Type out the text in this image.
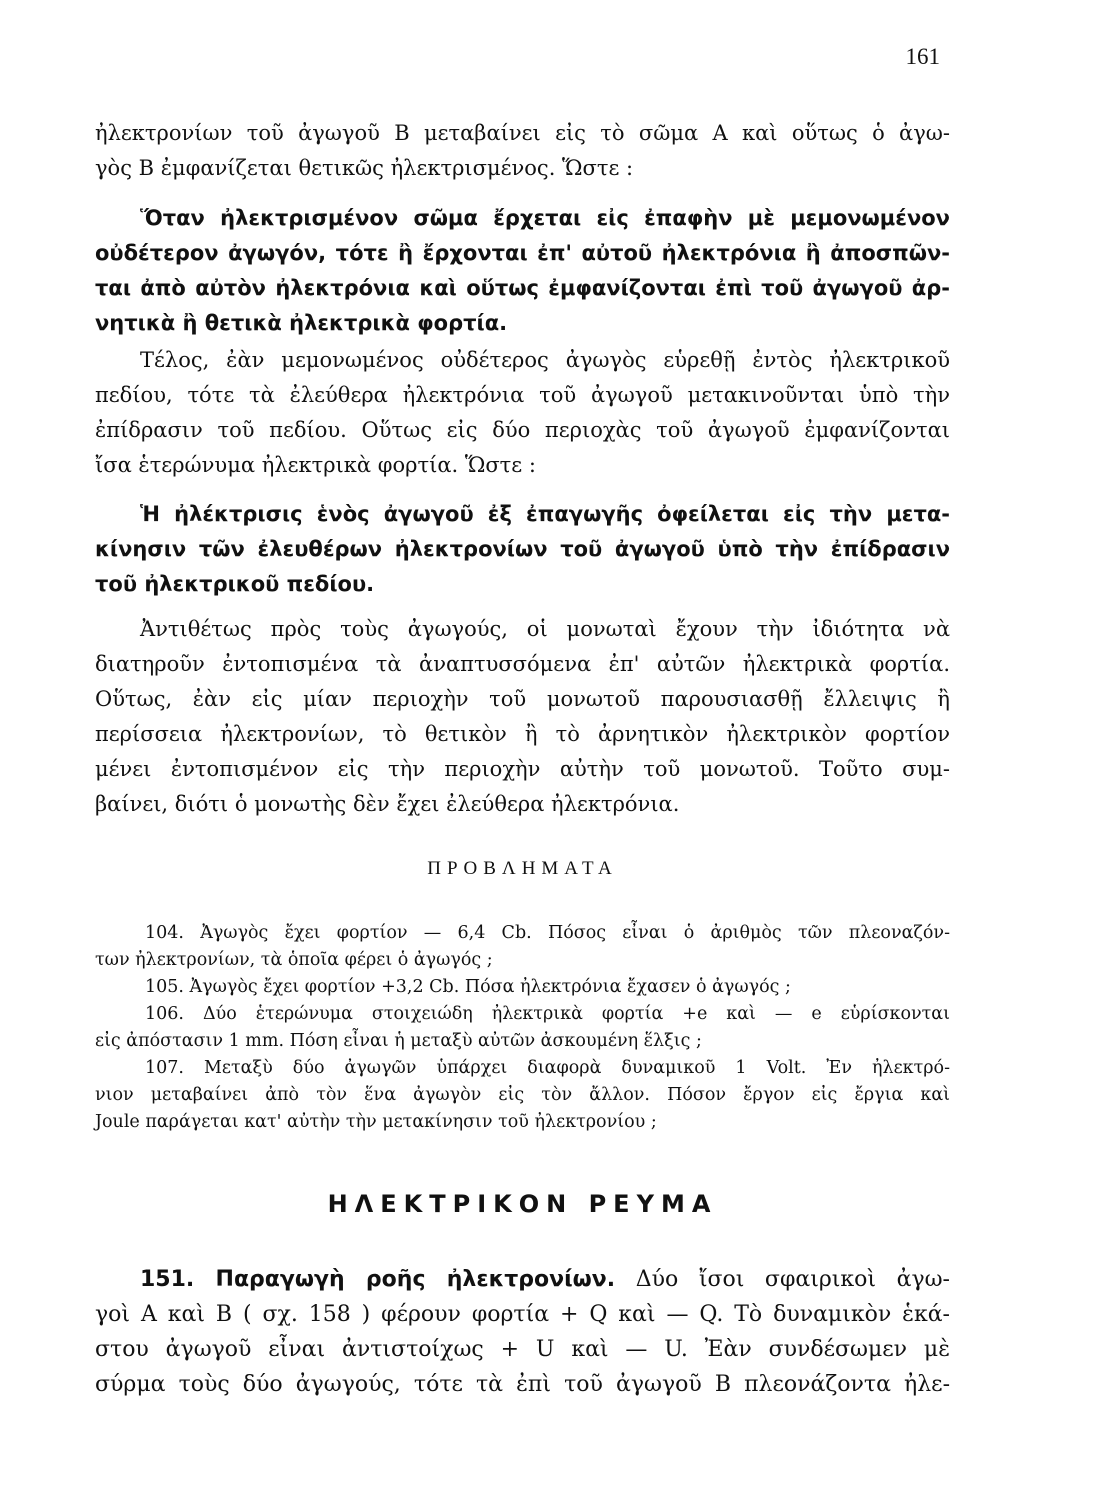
161
ἠλεκτρονίων τοῦ ἀγωγοῦ Β μεταβαίνει εἰς τὸ σῶμα Α καὶ οὕτως ὁ ἀγω-
γὸς Β ἐμφανίζεται θετικῶς ἠλεκτρισμένος. Ὥστε :
Ὅταν ἠλεκτρισμένον σῶμα ἔρχεται εἰς ἐπαφὴν μὲ μεμονωμένον
οὐδέτερον ἀγωγόν, τότε ἢ ἔρχονται ἐπ' αὐτοῦ ἠλεκτρόνια ἢ ἀποσπῶν-
ται ἀπὸ αὐτὸν ἠλεκτρόνια καὶ οὕτως ἐμφανίζονται ἐπὶ τοῦ ἀγωγοῦ ἀρ-
νητικὰ ἢ θετικὰ ἠλεκτρικὰ φορτία.
Τέλος, ἐὰν μεμονωμένος οὐδέτερος ἀγωγὸς εὑρεθῇ ἐντὸς ἠλεκτρικοῦ
πεδίου, τότε τὰ ἐλεύθερα ἠλεκτρόνια τοῦ ἀγωγοῦ μετακινοῦνται ὑπὸ τὴν
ἐπίδρασιν τοῦ πεδίου. Οὕτως εἰς δύο περιοχὰς τοῦ ἀγωγοῦ ἐμφανίζονται
ἴσα ἑτερώνυμα ἠλεκτρικὰ φορτία. Ὥστε :
Ἡ ἠλέκτρισις ἑνὸς ἀγωγοῦ ἐξ ἐπαγωγῆς ὀφείλεται εἰς τὴν μετα-
κίνησιν τῶν ἐλευθέρων ἠλεκτρονίων τοῦ ἀγωγοῦ ὑπὸ τὴν ἐπίδρασιν
τοῦ ἠλεκτρικοῦ πεδίου.
Ἀντιθέτως πρὸς τοὺς ἀγωγούς, οἱ μονωταὶ ἔχουν τὴν ἰδιότητα νὰ
διατηροῦν ἐντοπισμένα τὰ ἀναπτυσσόμενα ἐπ' αὐτῶν ἠλεκτρικὰ φορτία.
Οὕτως, ἐὰν εἰς μίαν περιοχὴν τοῦ μονωτοῦ παρουσιασθῇ ἔλλειψις ἢ
περίσσεια ἠλεκτρονίων, τὸ θετικὸν ἢ τὸ ἀρνητικὸν ἠλεκτρικὸν φορτίον
μένει ἐντοπισμένον εἰς τὴν περιοχὴν αὐτὴν τοῦ μονωτοῦ. Τοῦτο συμ-
βαίνει, διότι ὁ μονωτὴς δὲν ἔχει ἐλεύθερα ἠλεκτρόνια.
ΠΡΟΒΛΗΜΑΤΑ
104. Ἀγωγὸς ἔχει φορτίον — 6,4 Cb. Πόσος εἶναι ὁ ἀριθμὸς τῶν πλεοναζόν-
των ἠλεκτρονίων, τὰ ὁποῖα φέρει ὁ ἀγωγός ;
105. Ἀγωγὸς ἔχει φορτίον +3,2 Cb. Πόσα ἠλεκτρόνια ἔχασεν ὁ ἀγωγός ;
106. Δύο ἑτερώνυμα στοιχειώδη ἠλεκτρικὰ φορτία +e καὶ — e εὑρίσκονται
εἰς ἀπόστασιν 1 mm. Πόση εἶναι ἡ μεταξὺ αὐτῶν ἀσκουμένη ἕλξις ;
107. Μεταξὺ δύο ἀγωγῶν ὑπάρχει διαφορὰ δυναμικοῦ 1 Volt. Ἐν ἠλεκτρό-
νιον μεταβαίνει ἀπὸ τὸν ἕνα ἀγωγὸν εἰς τὸν ἄλλον. Πόσον ἔργον εἰς ἔργια καὶ
Joule παράγεται κατ' αὐτὴν τὴν μετακίνησιν τοῦ ἠλεκτρονίου ;
ΗΛΕΚΤΡΙΚΟΝ ΡΕΥΜΑ
151. Παραγωγὴ ροῆς ἠλεκτρονίων. Δύο ἴσοι σφαιρικοὶ ἀγω-
γοὶ Α καὶ Β ( σχ. 158 ) φέρουν φορτία + Q καὶ — Q. Τὸ δυναμικὸν ἑκά-
στου ἀγωγοῦ εἶναι ἀντιστοίχως + U καὶ — U. Ἐὰν συνδέσωμεν μὲ
σύρμα τοὺς δύο ἀγωγούς, τότε τὰ ἐπὶ τοῦ ἀγωγοῦ Β πλεονάζοντα ἠλε-
